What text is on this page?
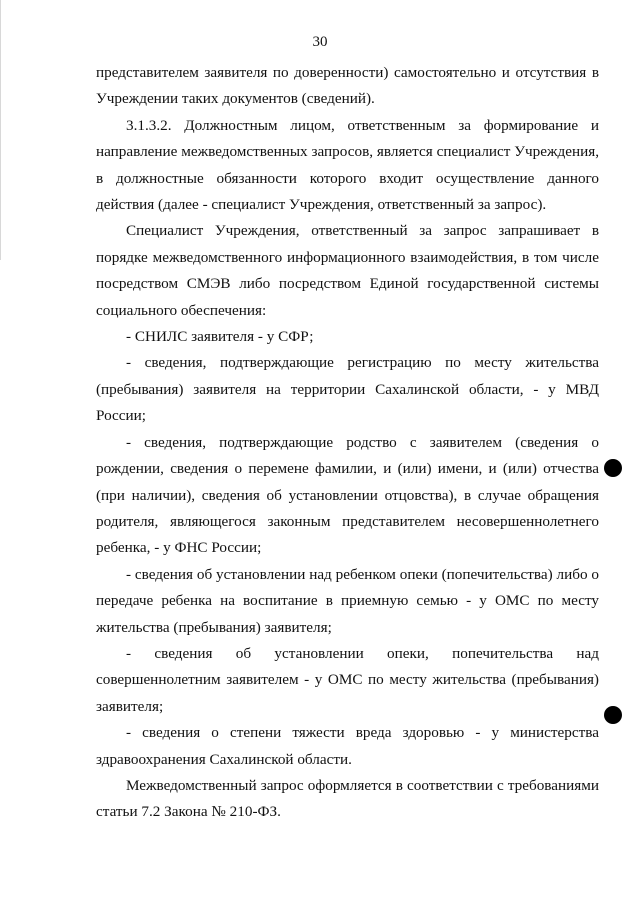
30

представителем заявителя по доверенности) самостоятельно и отсутствия в Учреждении таких документов (сведений).

3.1.3.2. Должностным лицом, ответственным за формирование и направление межведомственных запросов, является специалист Учреждения, в должностные обязанности которого входит осуществление данного действия (далее - специалист Учреждения, ответственный за запрос).

Специалист Учреждения, ответственный за запрос запрашивает в порядке межведомственного информационного взаимодействия, в том числе посредством СМЭВ либо посредством Единой государственной системы социального обеспечения:

- СНИЛС заявителя - у СФР;

- сведения, подтверждающие регистрацию по месту жительства (пребывания) заявителя на территории Сахалинской области, - у МВД России;

- сведения, подтверждающие родство с заявителем (сведения о рождении, сведения о перемене фамилии, и (или) имени, и (или) отчества (при наличии), сведения об установлении отцовства), в случае обращения родителя, являющегося законным представителем несовершеннолетнего ребенка, - у ФНС России;

- сведения об установлении над ребенком опеки (попечительства) либо о передаче ребенка на воспитание в приемную семью - у ОМС по месту жительства (пребывания) заявителя;

- сведения об установлении опеки, попечительства над совершеннолетним заявителем - у ОМС по месту жительства (пребывания) заявителя;

- сведения о степени тяжести вреда здоровью - у министерства здравоохранения Сахалинской области.

Межведомственный запрос оформляется в соответствии с требованиями статьи 7.2 Закона № 210-ФЗ.
